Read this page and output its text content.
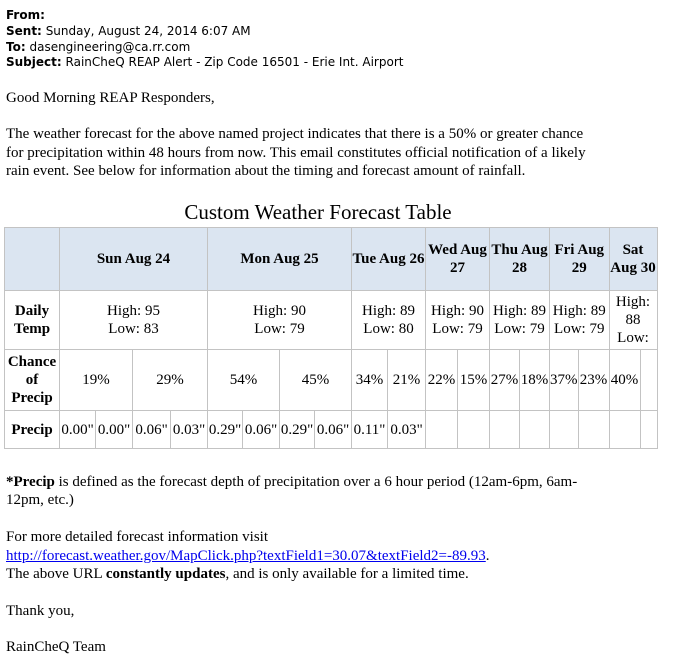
From:
Sent: Sunday, August 24, 2014 6:07 AM
To: dasengineering@ca.rr.com
Subject: RainCheQ REAP Alert - Zip Code 16501 - Erie Int. Airport
Good Morning REAP Responders,
The weather forecast for the above named project indicates that there is a 50% or greater chance
for precipitation within 48 hours from now. This email constitutes official notification of a likely
rain event. See below for information about the timing and forecast amount of rainfall.
Custom Weather Forecast Table
	Sun Aug 24				Mon Aug 25				Tue Aug 26		Wed Aug 27		Thu Aug 28		Fri Aug 29		Sat Aug 30	
Daily Temp	High: 95
Low: 83				High: 90
Low: 79				High: 89
Low: 80		High: 90
Low: 79		High: 89
Low: 79		High: 89
Low: 79		High: 88
Low:	
Chance of Precip	19%		29%		54%		45%		34%	21%	22%	15%	27%	18%	37%	23%	40%	
Precip	0.00"	0.00"	0.06"	0.03"	0.29"	0.06"	0.29"	0.06"	0.11"	0.03"								
*Precip is defined as the forecast depth of precipitation over a 6 hour period (12am-6pm, 6am-
12pm, etc.)
For more detailed forecast information visit
http://forecast.weather.gov/MapClick.php?textField1=30.07&textField2=-89.93.
The above URL constantly updates, and is only available for a limited time.
Thank you,
RainCheQ Team
